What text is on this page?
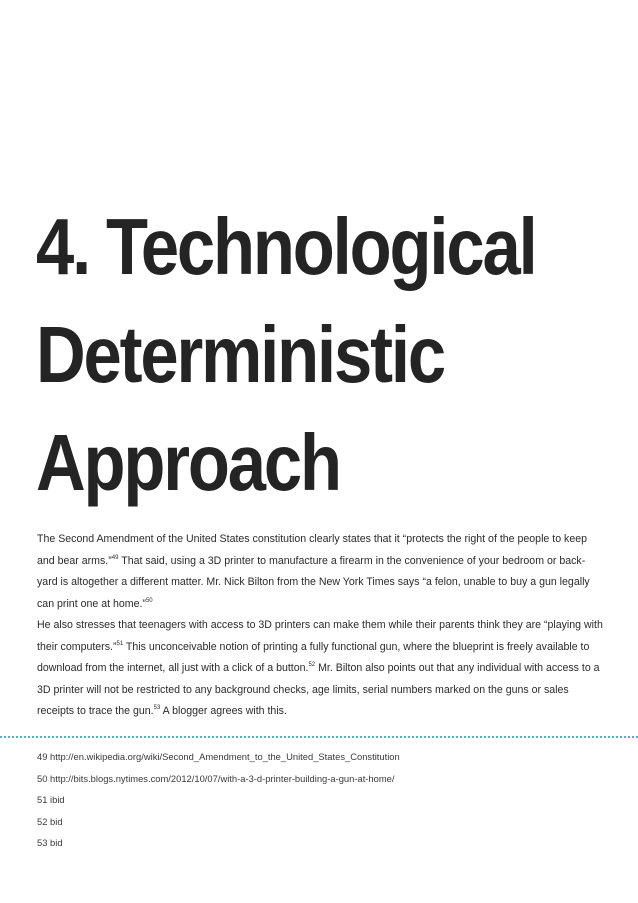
4. Technological
Deterministic
Approach

The Second Amendment of the United States constitution clearly states that it “protects the right of the people to keep and bear arms.”$^{49}$ That said, using a 3D printer to manufacture a firearm in the convenience of your bedroom or back-yard is altogether a different matter. Mr. Nick Bilton from the New York Times says “a felon, unable to buy a gun legally can print one at home.”$^{50}$

He also stresses that teenagers with access to 3D printers can make them while their parents think they are “playing with their computers.”$^{51}$ This unconceivable notion of printing a fully functional gun, where the blueprint is freely available to download from the internet, all just with a click of a button.$^{52}$ Mr. Bilton also points out that any individual with access to a 3D printer will not be restricted to any background checks, age limits, serial numbers marked on the guns or sales receipts to trace the gun.$^{53}$ A blogger agrees with this.

49 http://en.wikipedia.org/wiki/Second_Amendment_to_the_United_States_Constitution
50 http://bits.blogs.nytimes.com/2012/10/07/with-a-3-d-printer-building-a-gun-at-home/
51 ibid
52 bid
53 bid
